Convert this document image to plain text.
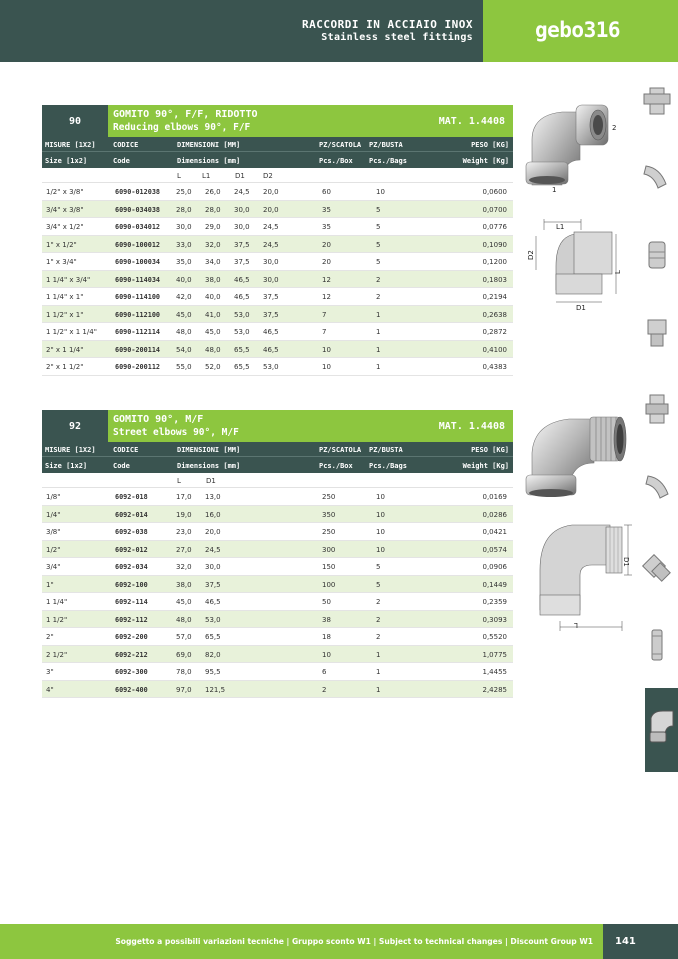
RACCORDI IN ACCIAIO INOX
Stainless steel fittings	gebo316
90
GOMITO 90°, F/F, RIDOTTO
Reducing elbows 90°, F/F
MAT. 1.4408
MISURE [1X2] CODICE	DIMENSIONI [MM]	PZ/SCATOLA PZ/BUSTA	PESO [KG]
Size [1x2]	Code	Dimensions [mm]	Pcs./Box Pcs./Bags	Weight [Kg]
L	L1	D1	D2
1/2" x 3/8"	6090-012038 25,0 26,0 24,5 20,0	60	10	0,0600
3/4" x 3/8"	6090-034038 28,0 28,0 30,0 20,0	35	5	0,0700
3/4" x 1/2"	6090-034012 30,0 29,0 30,0 24,5	35	5	0,0776
1" x 1/2"	6090-100012 33,0 32,0 37,5 24,5	20	5	0,1090
1" x 3/4"	6090-100034 35,0 34,0 37,5 30,0	20	5	0,1200
1 1/4" x 3/4"	6090-114034 40,0 38,0 46,5 30,0	12	2	0,1803
1 1/4" x 1"	6090-114100 42,0 40,0 46,5 37,5	12	2	0,2194
1 1/2" x 1"	6090-112100 45,0 41,0 53,0 37,5	7	1	0,2638
1 1/2" x 1 1/4"	6090-112114 48,0 45,0 53,0 46,5	7	1	0,2872
2" x 1 1/4"	6090-200114 54,0 48,0 65,5 46,5	10	1	0,4100
2" x 1 1/2"	6090-200112 55,0 52,0 65,5 53,0	10	1	0,4383
92
GOMITO 90°, M/F
Street elbows 90°, M/F
MAT. 1.4408
MISURE [1X2] CODICE	DIMENSIONI [MM]	PZ/SCATOLA PZ/BUSTA	PESO [KG]
Size [1x2]	Code	Dimensions [mm]	Pcs./Box Pcs./Bags	Weight [Kg]
L	D1
1/8"	6092-018	17,0 13,0	250	10	0,0169
1/4"	6092-014	19,0 16,0	350	10	0,0286
3/8"	6092-038	23,0 20,0	250	10	0,0421
1/2"	6092-012	27,0 24,5	300	10	0,0574
3/4"	6092-034	32,0 30,0	150	5	0,0906
1"	6092-100	38,0 37,5	100	5	0,1449
1 1/4"	6092-114	45,0 46,5	50	2	0,2359
1 1/2"	6092-112	48,0 53,0	38	2	0,3093
2"	6092-200	57,0 65,5	18	2	0,5520
2 1/2"	6092-212	69,0 82,0	10	1	1,0775
3"	6092-300	78,0 95,5	6	1	1,4455
4"	6092-400	97,0 121,5	2	1	2,4285
2
1
L1
D2
L
D1
D1
L
Soggetto a possibili variazioni tecniche | Gruppo sconto W1 | Subject to technical changes | Discount Group W1	141
